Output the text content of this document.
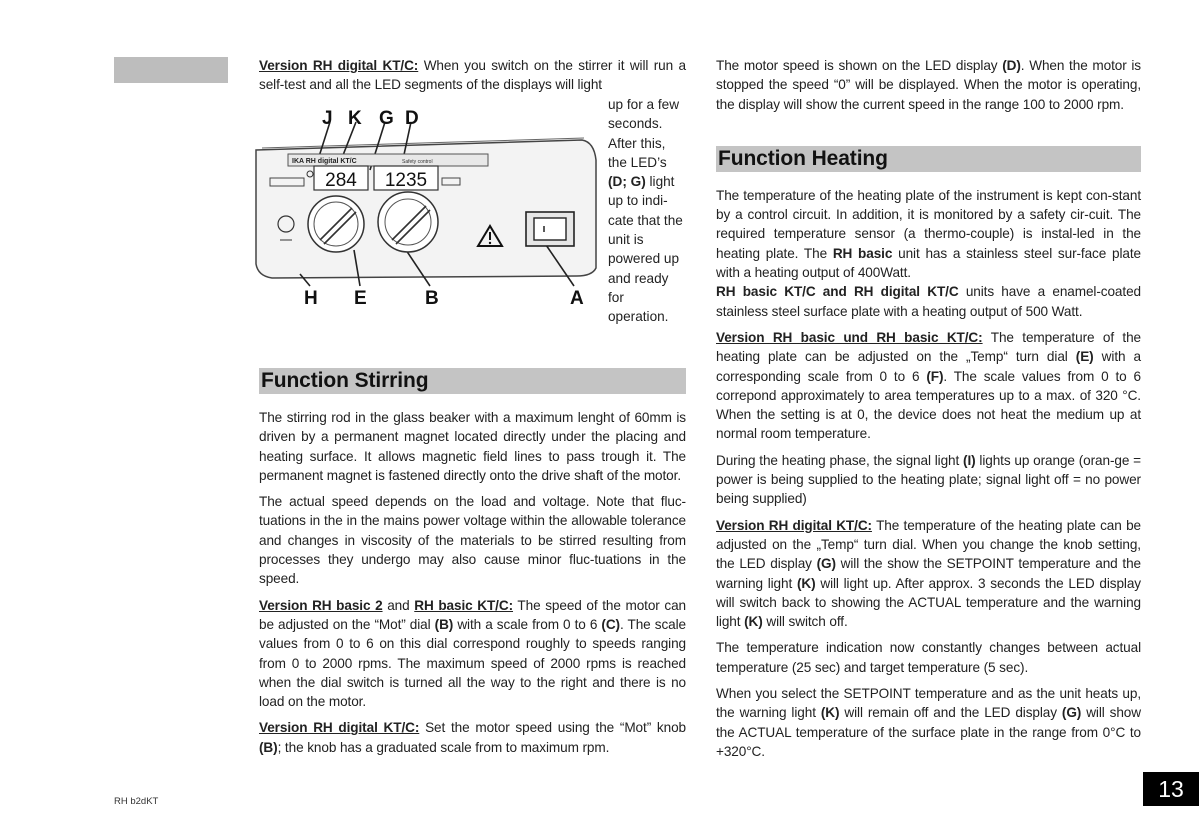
Version RH digital KT/C: When you switch on the stirrer it will run a self-test and all the LED segments of the displays will light

up for a few seconds. After this, the LED’s (D; G) light up to indi-cate that the unit is powered up and ready for operation.
IKA RH digital KT/C	Safety control
284 1235
J K G D
H E	B	A
Function Stirring

The stirring rod in the glass beaker with a maximum lenght of 60mm is driven by a permanent magnet located directly under the placing and heating surface. It allows magnetic field lines to pass trough it. The permanent magnet is fastened directly onto the drive shaft of the motor.

The actual speed depends on the load and voltage. Note that fluc-tuations in the in the mains power voltage within the allowable tolerance and changes in viscosity of the materials to be stirred resulting from processes they undergo may also cause minor fluc-tuations in the speed.

Version RH basic 2 and RH basic KT/C: The speed of the motor can be adjusted on the “Mot” dial (B) with a scale from 0 to 6 (C). The scale values from 0 to 6 on this dial correspond roughly to speeds ranging from 0 to 2000 rpms. The maximum speed of 2000 rpms is reached when the dial switch is turned all the way to the right and there is no load on the motor.

Version RH digital KT/C: Set the motor speed using the “Mot” knob (B); the knob has a graduated scale from to maximum rpm.

The motor speed is shown on the LED display (D). When the motor is stopped the speed “0” will be displayed. When the motor is operating, the display will show the current speed in the range 100 to 2000 rpm.

Function Heating

The temperature of the heating plate of the instrument is kept con-stant by a control circuit. In addition, it is monitored by a safety cir-cuit. The required temperature sensor (a thermo-couple) is instal-led in the heating plate. The RH basic unit has a stainless steel sur-face plate with a heating output of 400Watt.
RH basic KT/C and RH digital KT/C units have a enamel-coated stainless steel surface plate with a heating output of 500 Watt.

Version RH basic und RH basic KT/C: The temperature of the heating plate can be adjusted on the „Temp“ turn dial (E) with a corresponding scale from 0 to 6 (F). The scale values from 0 to 6 correpond approximately to area temperatures up to a max. of 320 °C. When the setting is at 0, the device does not heat the medium up at normal room temperature.

During the heating phase, the signal light (I) lights up orange (oran-ge = power is being supplied to the heating plate; signal light off = no power being supplied)

Version RH digital KT/C: The temperature of the heating plate can be adjusted on the „Temp“ turn dial. When you change the knob setting, the LED display (G) will the show the SETPOINT temperature and the warning light (K) will light up. After approx. 3 seconds the LED display will switch back to showing the ACTUAL temperature and the warning light (K) will switch off.

The temperature indication now constantly changes between actual temperature (25 sec) and target temperature (5 sec).

When you select the SETPOINT temperature and as the unit heats up, the warning light (K) will remain off and the LED display (G) will show the ACTUAL temperature of the surface plate in the range from 0°C to +320°C.

RH b2dKT	13
